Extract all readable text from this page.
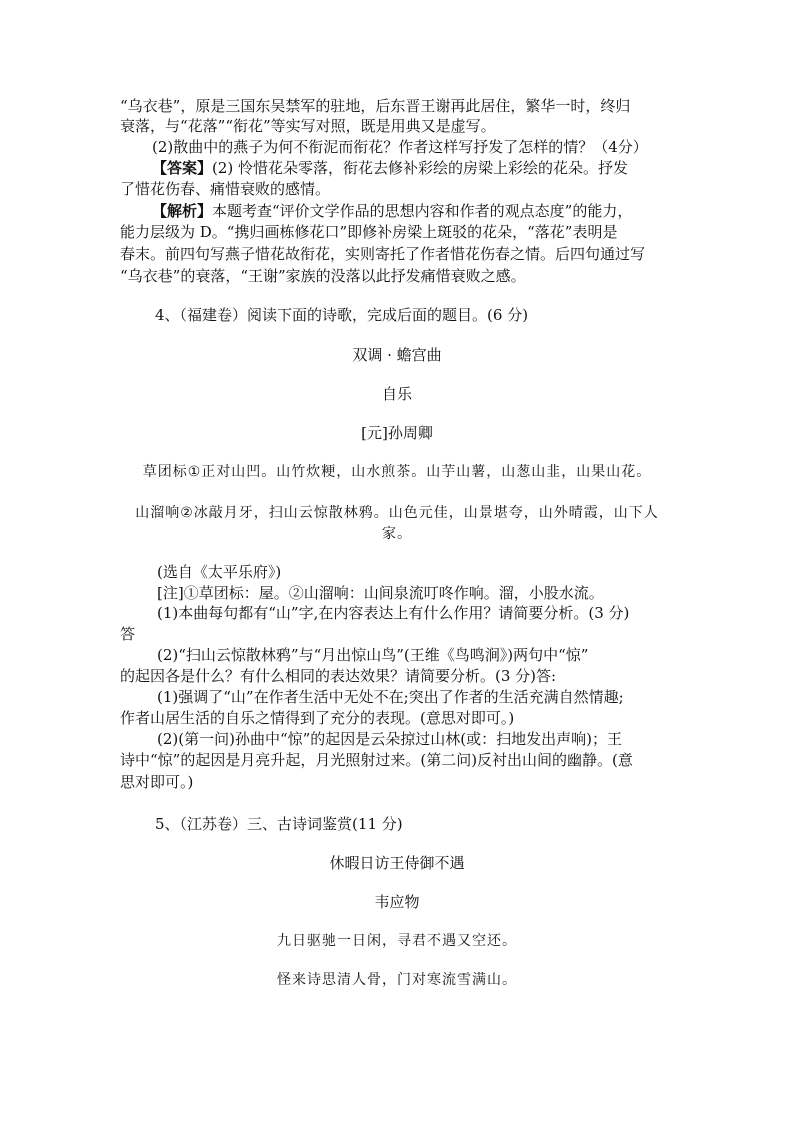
“乌衣巷”，原是三国东吴禁军的驻地，后东晋王谢再此居住，繁华一时，终归
衰落，与“花落”“衔花”等实写对照，既是用典又是虚写。
(2)散曲中的燕子为何不衔泥而衔花？作者这样写抒发了怎样的情？（4分）
【答案】(2) 怜惜花朵零落，衔花去修补彩绘的房梁上彩绘的花朵。抒发
了惜花伤春、痛惜衰败的感情。
【解析】本题考查“评价文学作品的思想内容和作者的观点态度”的能力，
能力层级为 D。“携归画栋修花口”即修补房梁上斑驳的花朵，“落花”表明是
春末。前四句写燕子惜花故衔花，实则寄托了作者惜花伤春之情。后四句通过写
“乌衣巷”的衰落，“王谢”家族的没落以此抒发痛惜衰败之感。
4、（福建卷）阅读下面的诗歌，完成后面的题目。(6 分)
双调 · 蟾宫曲
自乐
[元]孙周卿
草团标①正对山凹。山竹炊粳，山水煎茶。山芋山薯，山葱山韭，山果山花。
山溜响②冰敲月牙，扫山云惊散林鸦。山色元佳，山景堪夸，山外晴霞，山下人
家。
(选自《太平乐府》)
[注]①草团标：屋。②山溜响：山间泉流叮咚作响。溜，小股水流。
(1)本曲每句都有“山”字,在内容表达上有什么作用？请简要分析。(3 分)
答
(2)“扫山云惊散林鸦”与“月出惊山鸟”(王维《鸟鸣涧》)两句中“惊”
的起因各是什么？有什么相同的表达效果？请简要分析。(3 分)答:
(1)强调了“山”在作者生活中无处不在;突出了作者的生活充满自然情趣;
作者山居生活的自乐之情得到了充分的表现。(意思对即可。)
(2)(第一问)孙曲中“惊”的起因是云朵掠过山林(或：扫地发出声响)；王
诗中“惊”的起因是月亮升起，月光照射过来。(第二问)反衬出山间的幽静。(意
思对即可。)
5、（江苏卷）三、古诗词鉴赏(11 分)
休暇日访王侍御不遇
韦应物
九日驱驰一日闲，寻君不遇又空还。
怪来诗思清人骨，门对寒流雪满山。
